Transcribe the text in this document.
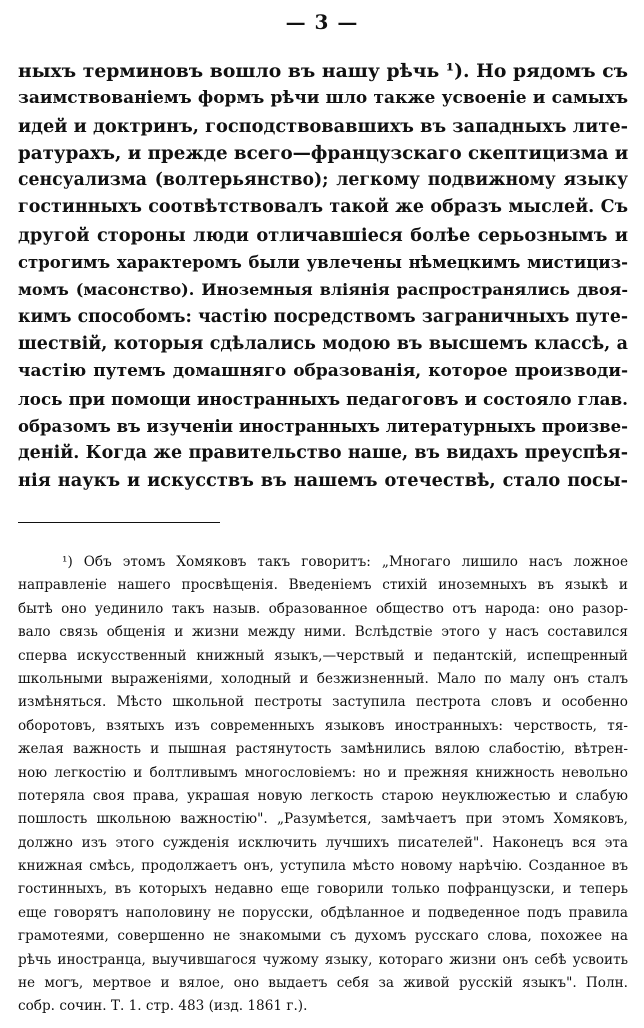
— 3 —
ныхъ терминовъ вошло въ нашу рѣчь ¹). Но рядомъ съ
заимствованіемъ формъ рѣчи шло также усвоеніе и самыхъ
идей и доктринъ, господствовавшихъ въ западныхъ лите-
ратурахъ, и прежде всего—французскаго скептицизма и
сенсуализма (волтерьянство); легкому подвижному языку
гостинныхъ соотвѣтствовалъ такой же образъ мыслей. Съ
другой стороны люди отличавшіеся болѣе серьознымъ и
строгимъ характеромъ были увлечены нѣмецкимъ мистициз-
момъ (масонство). Иноземныя вліянія распространялись двоя-
кимъ способомъ: частію посредствомъ заграничныхъ путе-
шествій, которыя сдѣлались модою въ высшемъ классѣ, а
частію путемъ домашняго образованія, которое производи-
лось при помощи иностранныхъ педагоговъ и состояло глав.
образомъ въ изученіи иностранныхъ литературныхъ произве-
деній. Когда же правительство наше, въ видахъ преуспѣя-
нія наукъ и искусствъ въ нашемъ отечествѣ, стало посы-
¹) Объ этомъ Хомяковъ такъ говоритъ: „Многаго лишило насъ ложное
направленіе нашего просвѣщенія. Введеніемъ стихій иноземныхъ въ языкѣ и
бытѣ оно уединило такъ назыв. образованное общество отъ народа: оно разор-
вало связь общенія и жизни между ними. Вслѣдствіе этого у насъ составился
сперва искусственный книжный языкъ,—черствый и педантскій, испещренный
школьными выраженіями, холодный и безжизненный. Мало по малу онъ сталъ
измѣняться. Мѣсто школьной пестроты заступила пестрота словъ и особенно
оборотовъ, взятыхъ изъ современныхъ языковъ иностранныхъ: черствость, тя-
желая важность и пышная растянутость замѣнились вялою слабостію, вѣтрен-
ною легкостію и болтливымъ многословіемъ: но и прежняя книжность невольно
потеряла своя права, украшая новую легкость старою неуклюжестью и слабую
пошлость школьною важностію". „Разумѣется, замѣчаетъ при этомъ Хомяковъ,
должно изъ этого сужденія исключить лучшихъ писателей". Наконецъ вся эта
книжная смѣсь, продолжаетъ онъ, уступила мѣсто новому нарѣчію. Созданное въ
гостинныхъ, въ которыхъ недавно еще говорили только пофранцузски, и теперь
еще говорятъ наполовину не порусски, обдѣланное и подведенное подъ правила
грамотеями, совершенно не знакомыми съ духомъ русскаго слова, похожее на
рѣчь иностранца, выучившагося чужому языку, котораго жизни онъ себѣ усвоить
не могъ, мертвое и вялое, оно выдаетъ себя за живой русскій языкъ". Полн.
собр. сочин. Т. 1. стр. 483 (изд. 1861 г.).
